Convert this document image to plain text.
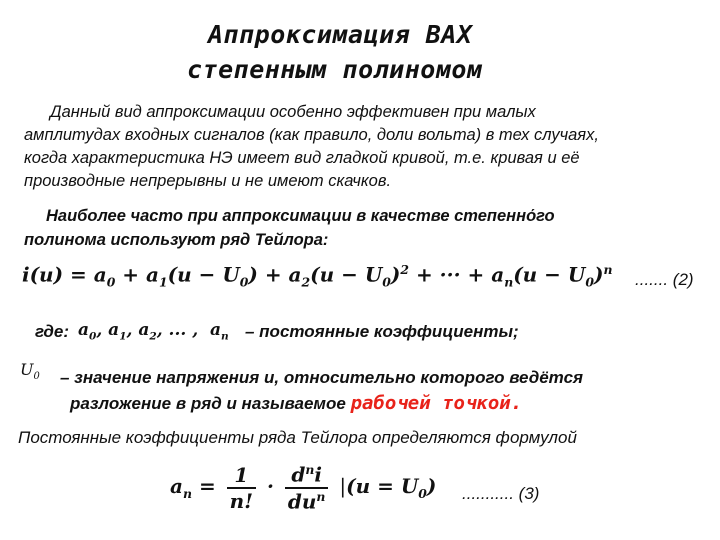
Аппроксимация ВАХ
степенным полиномом
Данный вид аппроксимации особенно эффективен при малых
амплитудах входных сигналов (как правило, доли вольта) в тех случаях,
когда характеристика НЭ имеет вид гладкой кривой, т.е. кривая и её
производные непрерывны и не имеют скачков.
Наиболее часто при аппроксимации в качестве степеннόго
полинома используют ряд Тейлора:
$i(u) = a_0 + a_1(u - U_0) + a_2(u - U_0)^2$ + ··· + $a_n(u - U_0)^n$
....... (2)
где: $a_0$, $a_1$, $a_2$, ... ,  $a_n$ – постоянные коэффициенты;
$U_0$ – значение напряжения u, относительно которого ведётся
разложение в ряд и называемое рабочей точкой.
Постоянные коэффициенты ряда Тейлора определяются формулой
$a_n = \frac{1}{n!} \cdot \frac{d^ni}{du^n} |(u = U_0)$ ........... (3)
